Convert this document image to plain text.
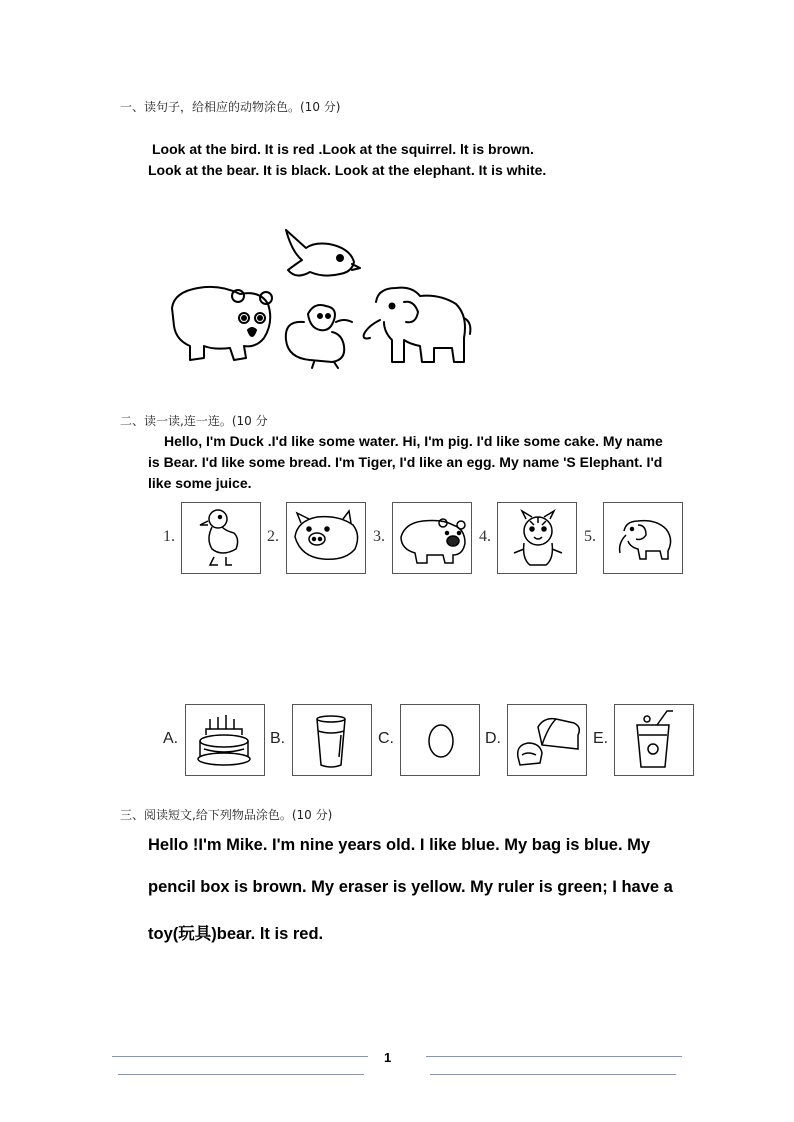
一、读句子，给相应的动物涂色。(10 分)
Look at the bird. It is red .Look at the squirrel. lt is brown.
Look at the bear. It is black. Look at the elephant. It is white.
二、读一读,连一连。(10 分
Hello, I'm Duck .I'd like some water. Hi, I'm pig. I'd like some cake. My name
is Bear. I'd like some bread. I'm Tiger, I'd like an egg. My name 'S Elephant. I'd
like some juice.
1.	2.	3.	4.	5.
A.	B.	C.	D.	E.
三、阅读短文,给下列物品涂色。(10 分)
Hello !I'm Mike. I'm nine years old. I like blue. My bag is blue. My
pencil box is brown. My eraser is yellow. My ruler is green; I have a
toy(玩具)bear. lt is red.
1
